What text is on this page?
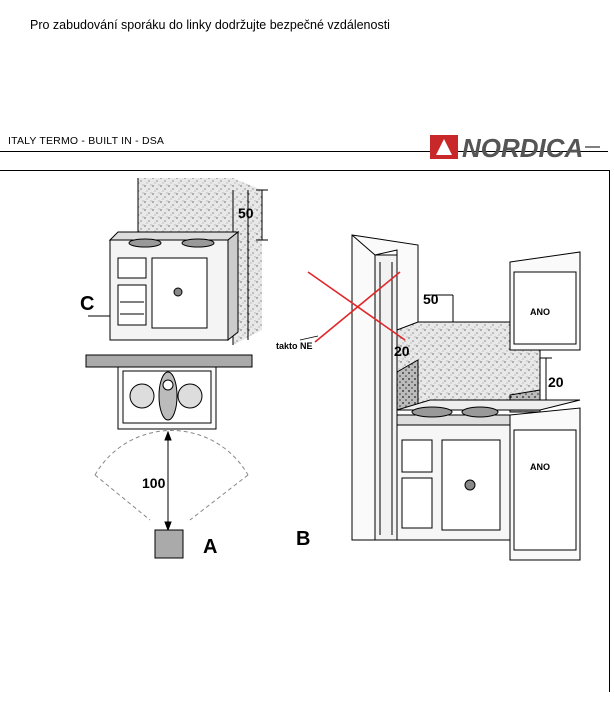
Pro zabudování sporáku do linky dodržujte bezpečné vzdálenosti
ITALY TERMO - BUILT IN - DSA	NORDICA
50
C
100
A
takto NE
50
20
20
ANO
ANO
B
